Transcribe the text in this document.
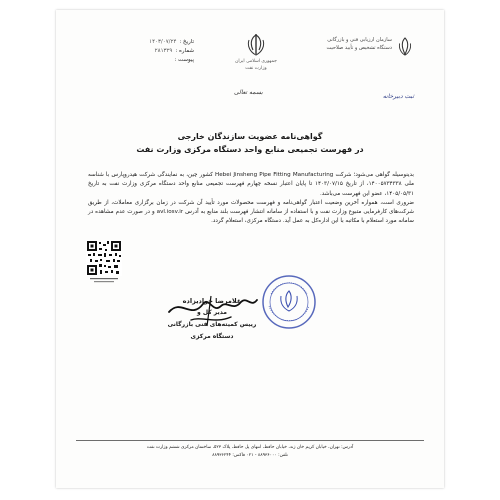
سازمان ارزیابی فنی و بازرگانی
دستگاه تشخیص و تأیید صلاحیت
جمهوری اسلامی ایران
وزارت نفت
تاریخ :
۱۴۰۳/۰۷/۲۴
شماره :
۲۸۱۳۲۹
پیوست :
ثبت دبیرخانه
بسمه تعالی
گواهی‌نامه عضویت سازندگان خارجی
در فهرست تجمیعی منابع واحد دستگاه مرکزی وزارت نفت

بدینوسیله گواهی می‌شود؛ شرکت Hebei Jinsheng Pipe Fitting Manufacturing کشور چین، به نمایندگی شرکت هیدروپارس با شناسه ملی ۱۴۰۰۵۷۳۴۳۳۸، از تاریخ ۱۴۰۳/۰۷/۱۵ تا پایان اعتبار نسخه چهارم فهرست تجمیعی منابع واحد دستگاه مرکزی وزارت نفت به تاریخ ۱۴۰۵/۰۵/۳۱، عضو این فهرست می‌باشد.

ضروری است، همواره آخرین وضعیت اعتبار گواهی‌نامه و فهرست محصولات مورد تأیید آن شرکت در زمان برگزاری معاملات، از طریق شرکت‌های کارفرمایی متبوع وزارت نفت و با استفاده از سامانه انتشار فهرست بلند منابع به آدرس avl.iosv.ir و در صورت عدم مشاهده در سامانه مورد استعلام با مکاتبه با این اداره‌کل به عمل آید. دستگاه مرکزی، استعلام گردد.

غلامرضا جوادیزاده
مدیر کل و
رییس کمیته‌های فنی بازرگانی دستگاه مرکزی
آدرس: تهران، خیابان کریم خان زند، خیابان حافظ، انتهای پل حافظ، پلاک ۵۲۳، ساختمان مرکزی ششم وزارت نفت
تلفن: ۸۸۹۳۶۰۰۰ - ۰۲۱ فاکس: ۸۸۹۳۶۲۴۴
